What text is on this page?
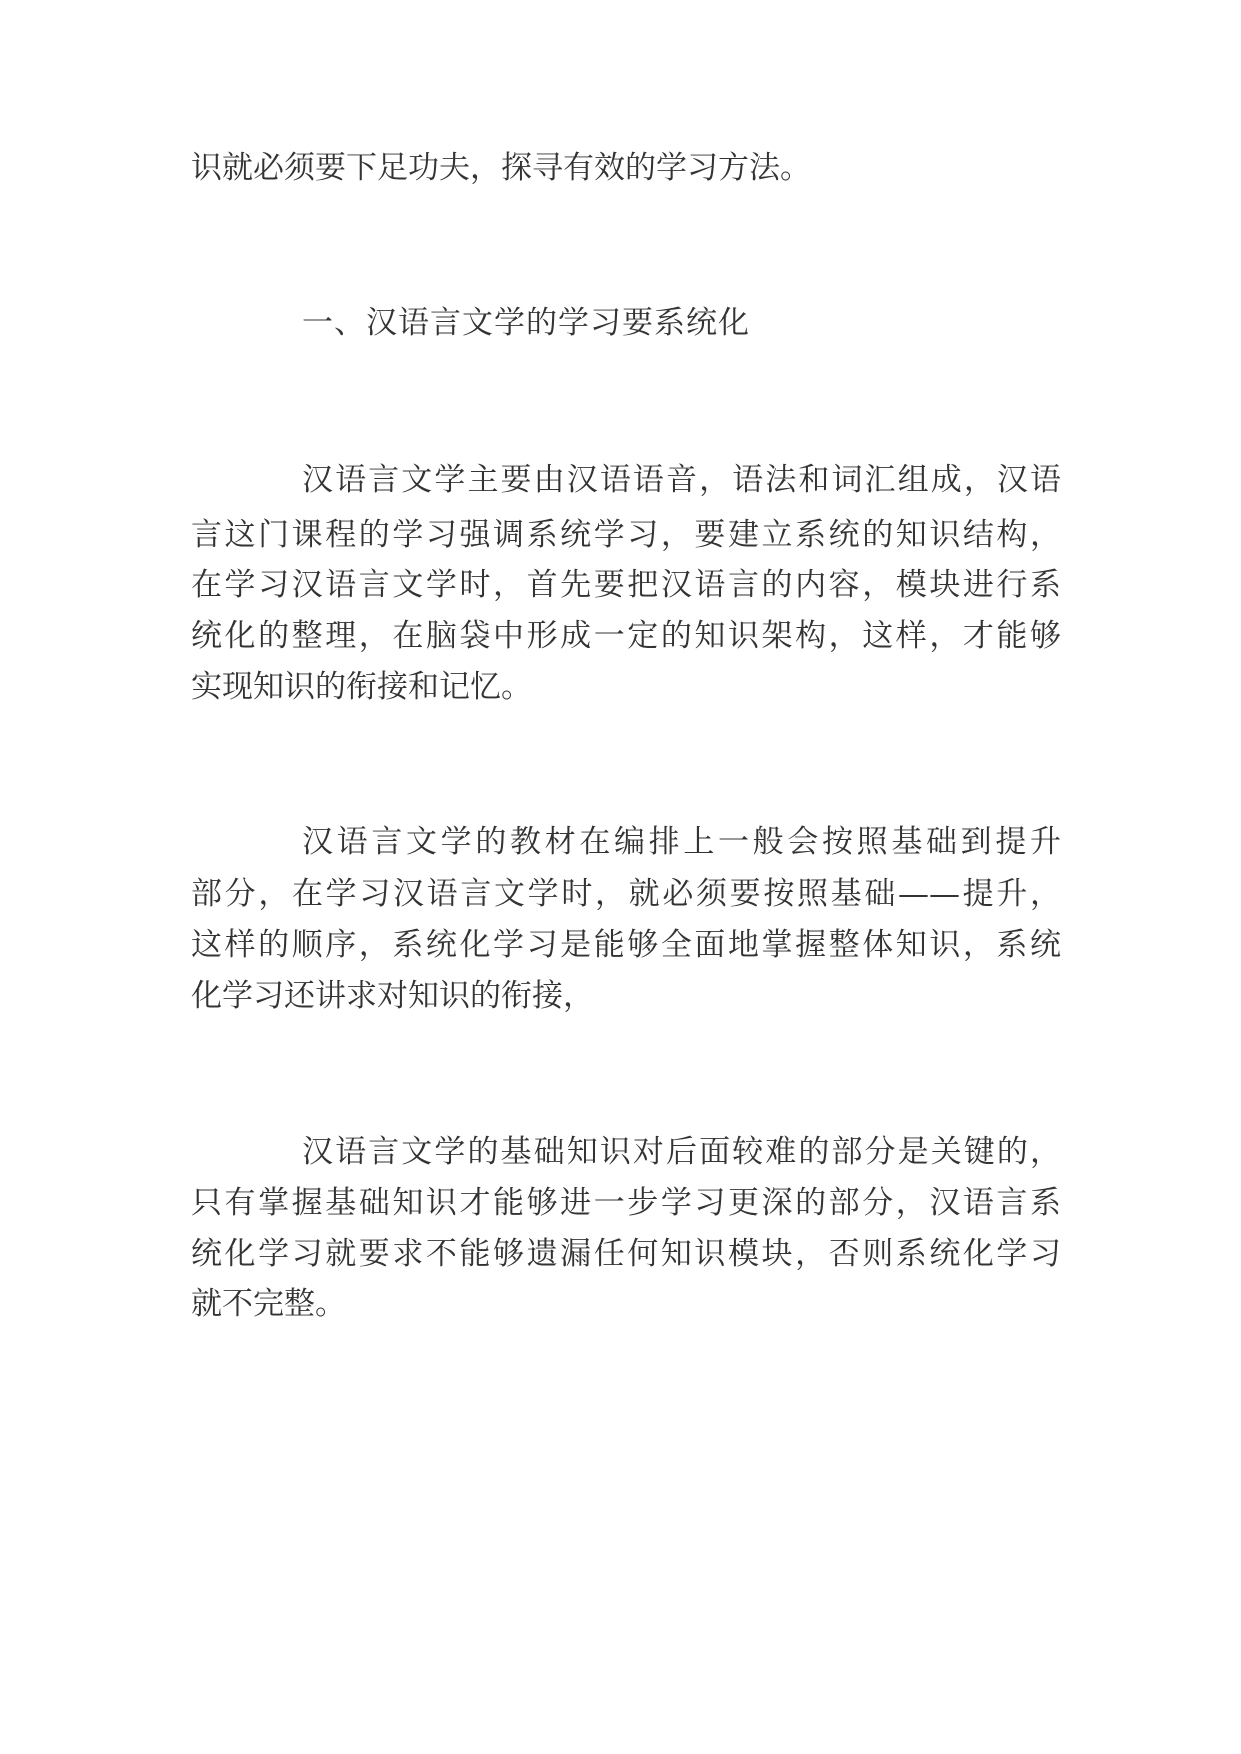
识就必须要下足功夫，探寻有效的学习方法。

一、汉语言文学的学习要系统化

汉语言文学主要由汉语语音，语法和词汇组成，汉语

言这门课程的学习强调系统学习，要建立系统的知识结构，

在学习汉语言文学时，首先要把汉语言的内容，模块进行系

统化的整理，在脑袋中形成一定的知识架构，这样，才能够

实现知识的衔接和记忆。

汉语言文学的教材在编排上一般会按照基础到提升

部分，在学习汉语言文学时，就必须要按照基础——提升，

这样的顺序，系统化学习是能够全面地掌握整体知识，系统

化学习还讲求对知识的衔接，

汉语言文学的基础知识对后面较难的部分是关键的，

只有掌握基础知识才能够进一步学习更深的部分，汉语言系

统化学习就要求不能够遗漏任何知识模块，否则系统化学习

就不完整。
